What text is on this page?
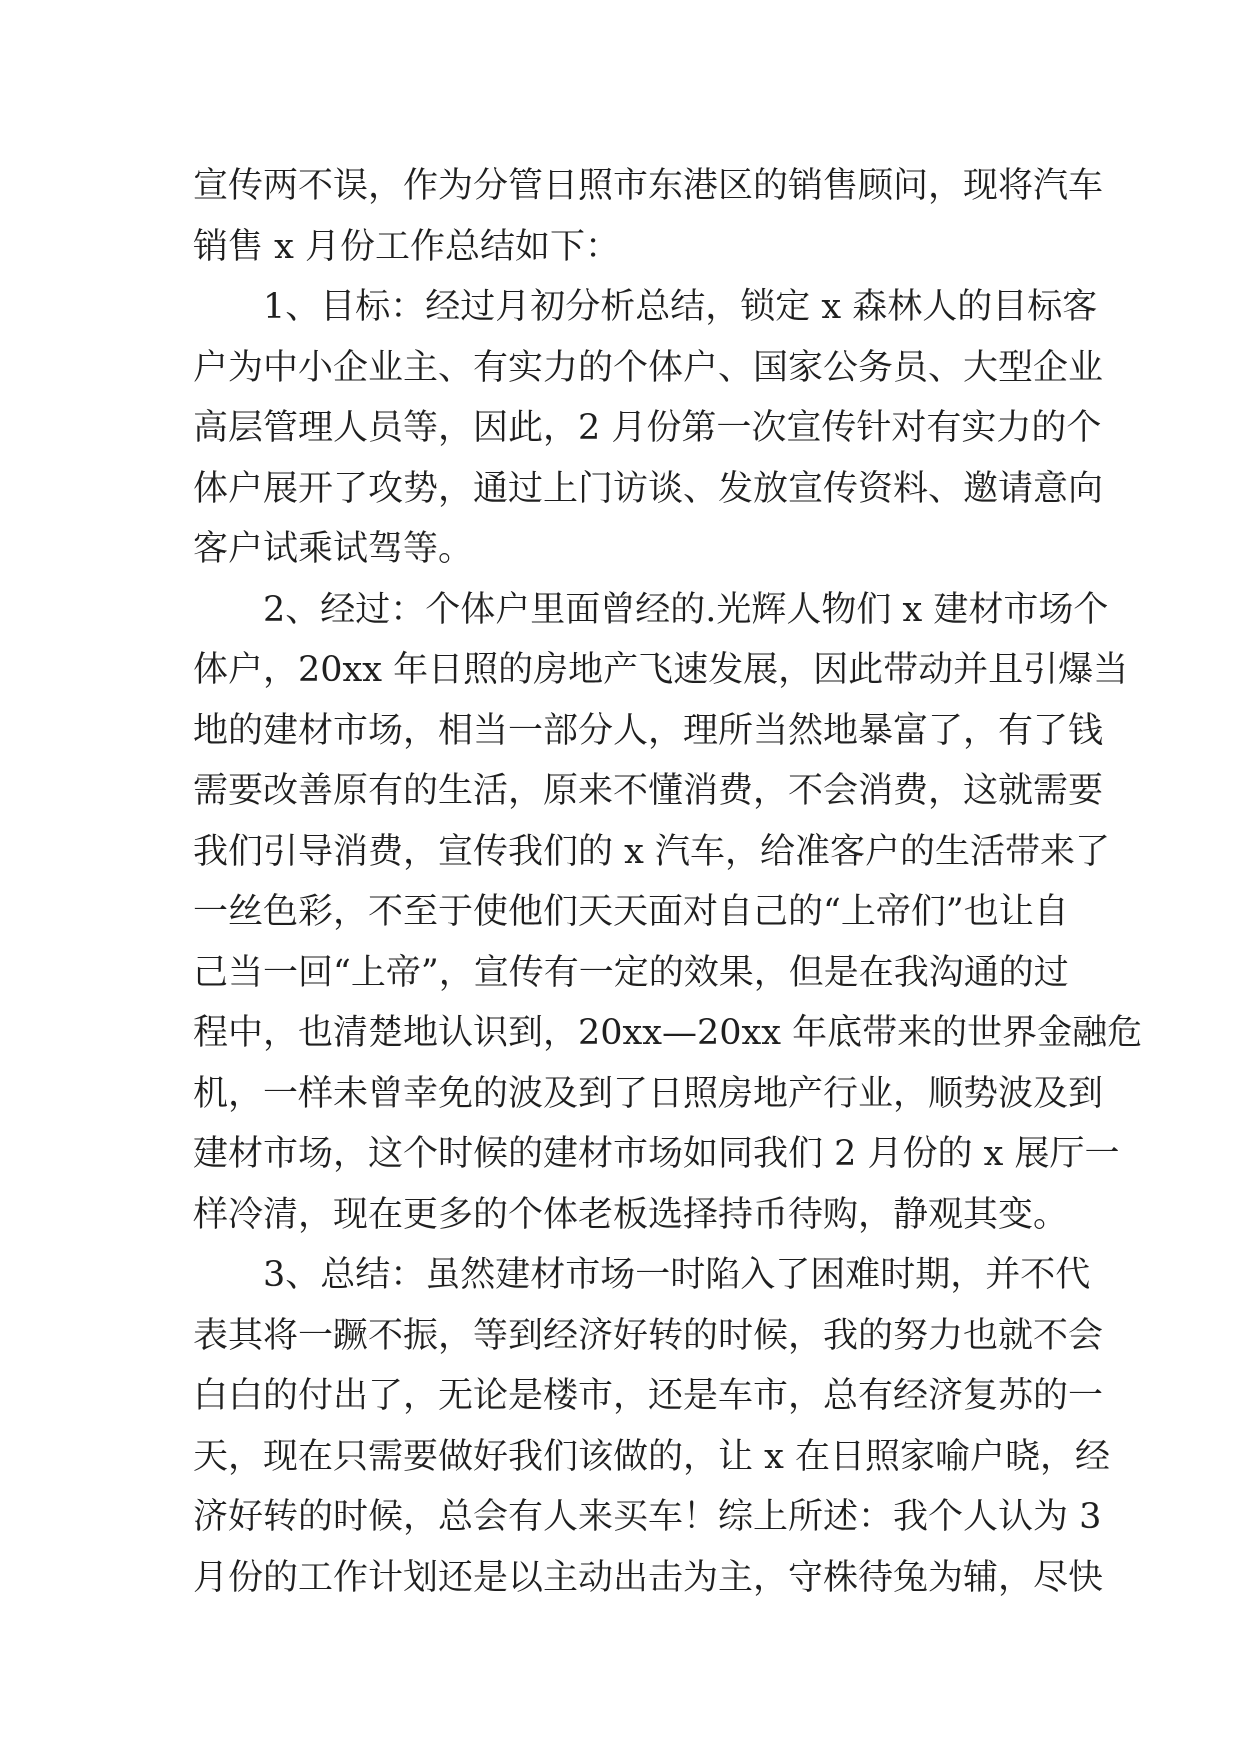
宣传两不误，作为分管日照市东港区的销售顾问，现将汽车
销售 x 月份工作总结如下：
1、目标：经过月初分析总结，锁定 x 森林人的目标客
户为中小企业主、有实力的个体户、国家公务员、大型企业
高层管理人员等，因此，2 月份第一次宣传针对有实力的个
体户展开了攻势，通过上门访谈、发放宣传资料、邀请意向
客户试乘试驾等。
2、经过：个体户里面曾经的.光辉人物们 x 建材市场个
体户，20xx 年日照的房地产飞速发展，因此带动并且引爆当
地的建材市场，相当一部分人，理所当然地暴富了，有了钱
需要改善原有的生活，原来不懂消费，不会消费，这就需要
我们引导消费，宣传我们的 x 汽车，给准客户的生活带来了
一丝色彩，不至于使他们天天面对自己的“上帝们”也让自
己当一回“上帝”，宣传有一定的效果，但是在我沟通的过
程中，也清楚地认识到，20xx—20xx 年底带来的世界金融危
机，一样未曾幸免的波及到了日照房地产行业，顺势波及到
建材市场，这个时候的建材市场如同我们 2 月份的 x 展厅一
样冷清，现在更多的个体老板选择持币待购，静观其变。
3、总结：虽然建材市场一时陷入了困难时期，并不代
表其将一蹶不振，等到经济好转的时候，我的努力也就不会
白白的付出了，无论是楼市，还是车市，总有经济复苏的一
天，现在只需要做好我们该做的，让 x 在日照家喻户晓，经
济好转的时候，总会有人来买车！综上所述：我个人认为 3
月份的工作计划还是以主动出击为主，守株待兔为辅，尽快
